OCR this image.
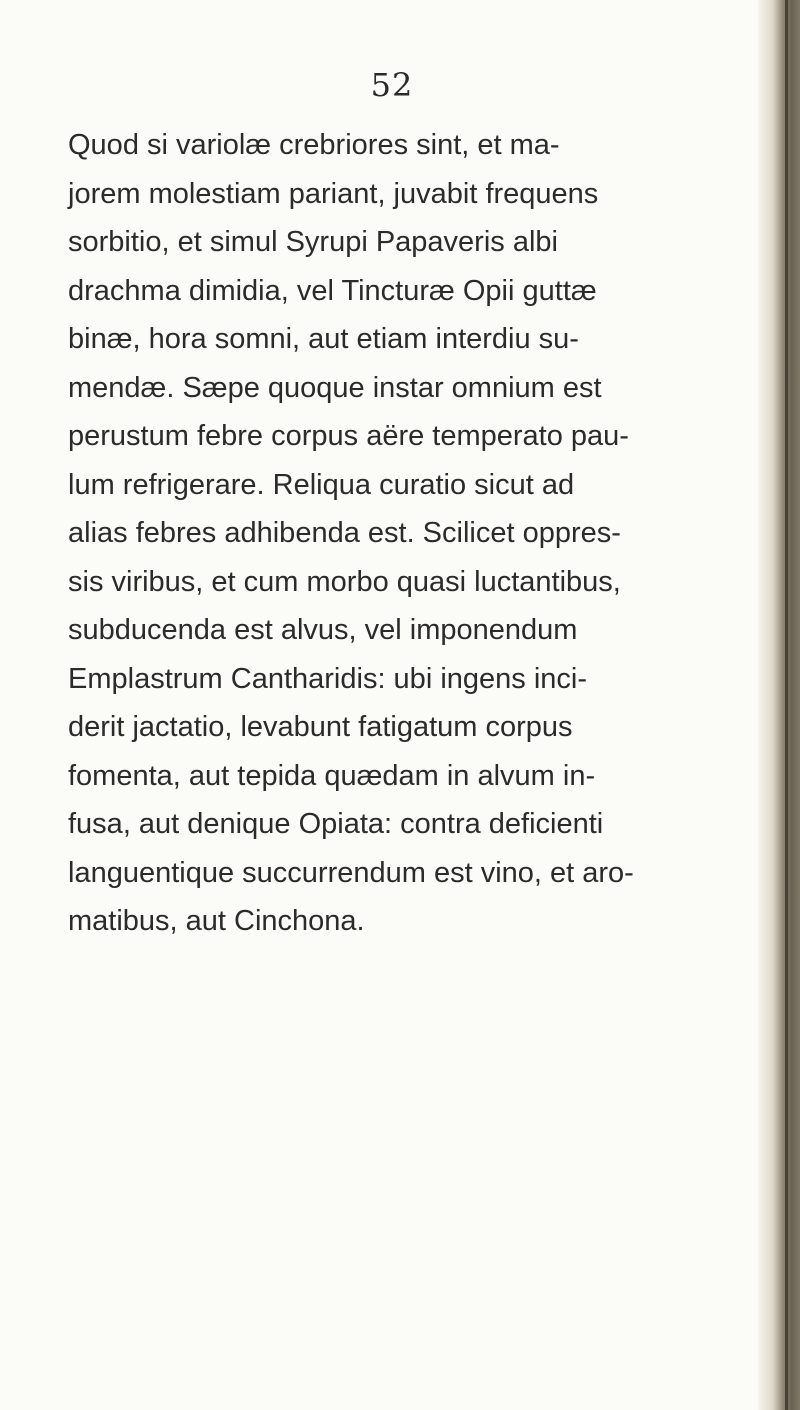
52
Quod si variolæ crebriores sint, et ma-
jorem molestiam pariant, juvabit frequens
sorbitio, et simul Syrupi Papaveris albi
drachma dimidia, vel Tincturæ Opii guttæ
binæ, hora somni, aut etiam interdiu su-
mendæ. Sæpe quoque instar omnium est
perustum febre corpus aëre temperato pau-
lum refrigerare. Reliqua curatio sicut ad
alias febres adhibenda est. Scilicet oppres-
sis viribus, et cum morbo quasi luctantibus,
subducenda est alvus, vel imponendum
Emplastrum Cantharidis: ubi ingens inci-
derit jactatio, levabunt fatigatum corpus
fomenta, aut tepida quædam in alvum in-
fusa, aut denique Opiata: contra deficienti
languentique succurrendum est vino, et aro-
matibus, aut Cinchona.
